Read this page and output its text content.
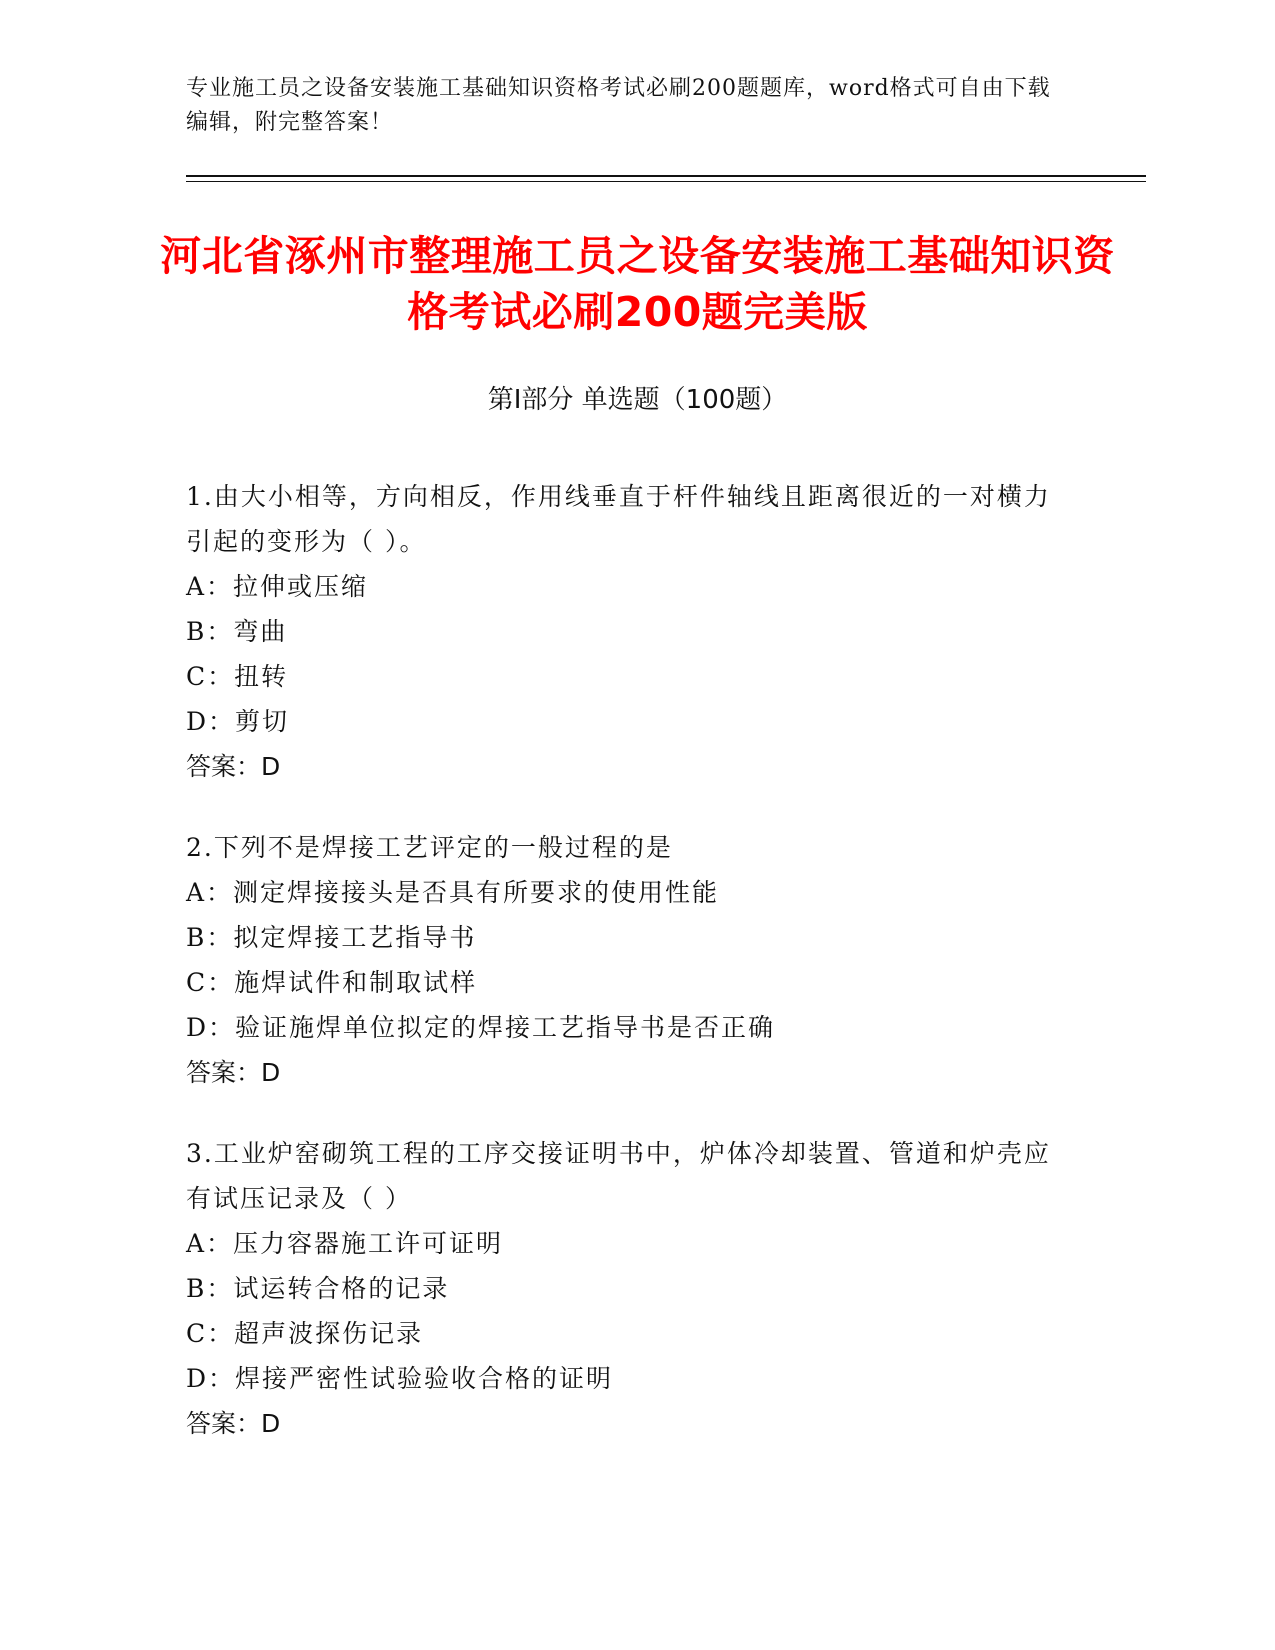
专业施工员之设备安装施工基础知识资格考试必刷200题题库，word格式可自由下载编辑，附完整答案！
河北省涿州市整理施工员之设备安装施工基础知识资格考试必刷200题完美版
第Ⅰ部分 单选题（100题）
1.由大小相等，方向相反，作用线垂直于杆件轴线且距离很近的一对横力引起的变形为（ ）。
A：拉伸或压缩
B：弯曲
C：扭转
D：剪切
答案：D
2.下列不是焊接工艺评定的一般过程的是
A：测定焊接接头是否具有所要求的使用性能
B：拟定焊接工艺指导书
C：施焊试件和制取试样
D：验证施焊单位拟定的焊接工艺指导书是否正确
答案：D
3.工业炉窑砌筑工程的工序交接证明书中，炉体冷却装置、管道和炉壳应有试压记录及（ ）
A：压力容器施工许可证明
B：试运转合格的记录
C：超声波探伤记录
D：焊接严密性试验验收合格的证明
答案：D
